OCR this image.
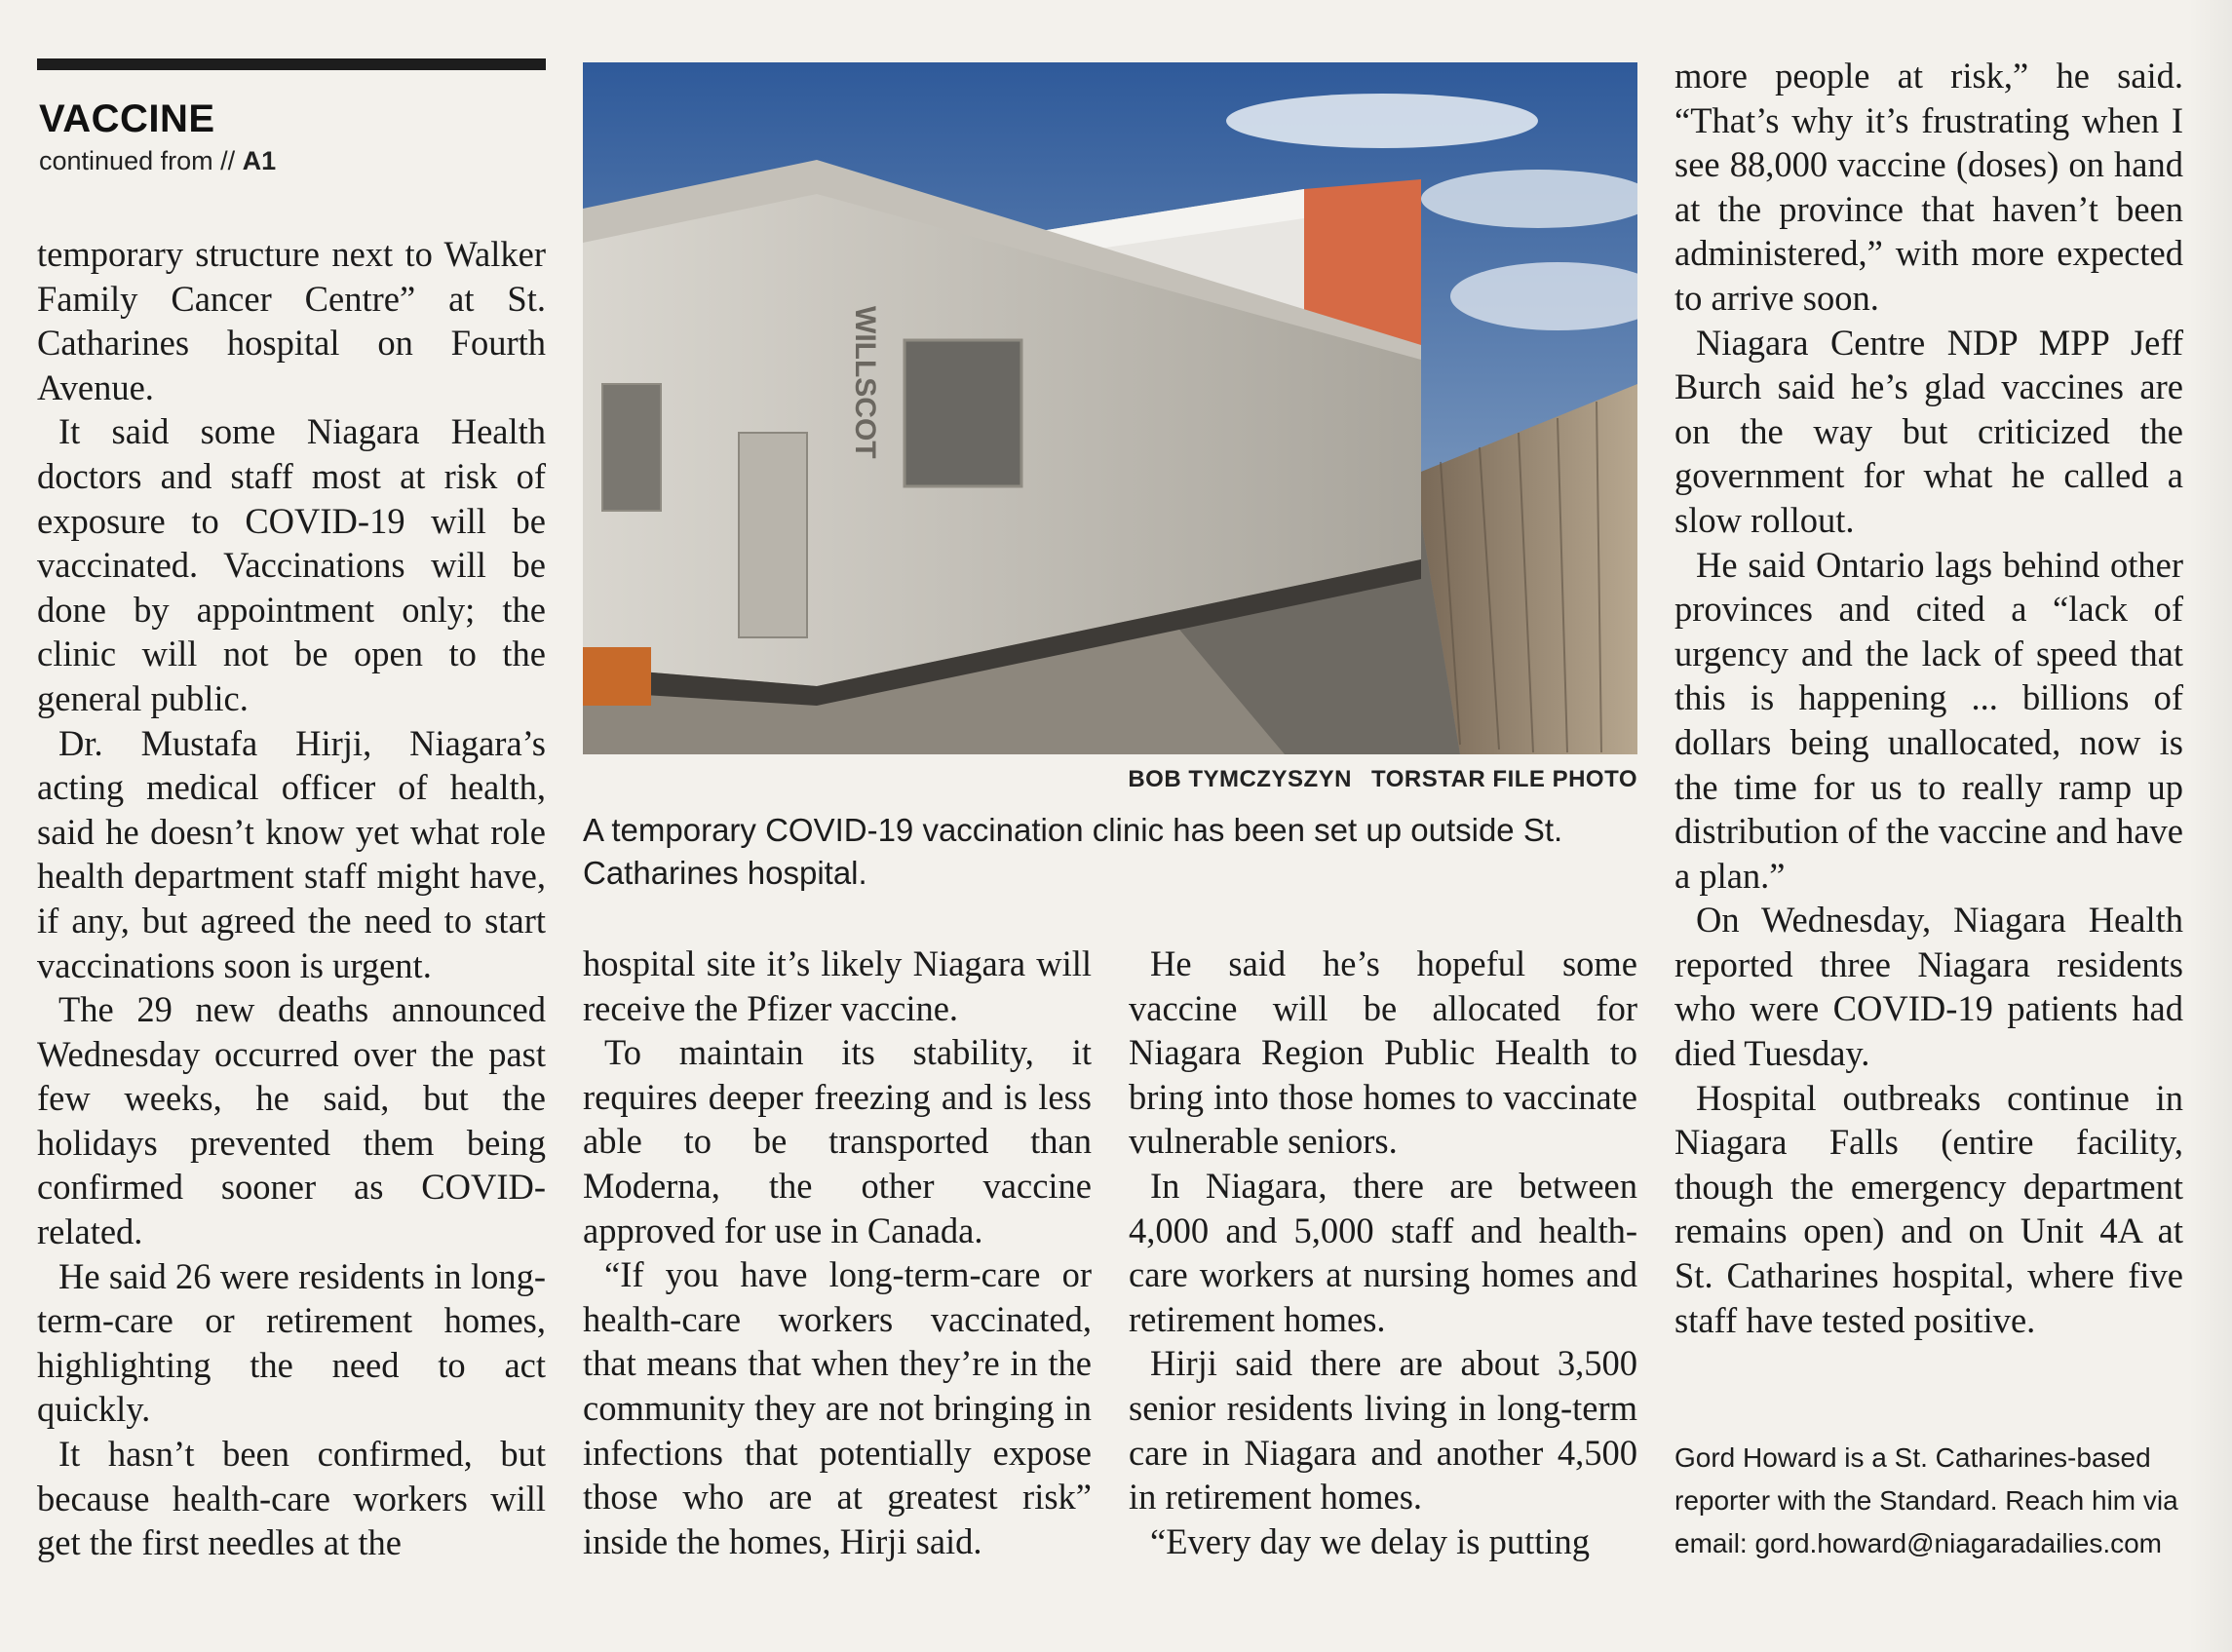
VACCINE
continued from // A1

temporary structure next to Walker Family Cancer Centre” at St. Catharines hospital on Fourth Avenue.

It said some Niagara Health doctors and staff most at risk of exposure to COVID-19 will be vaccinated. Vaccinations will be done by appointment only; the clinic will not be open to the general public.

Dr. Mustafa Hirji, Niagara’s acting medical officer of health, said he doesn’t know yet what role health department staff might have, if any, but agreed the need to start vaccinations soon is urgent.

The 29 new deaths announced Wednesday occurred over the past few weeks, he said, but the holidays prevented them being confirmed sooner as COVID-related.

He said 26 were residents in long-term-care or retirement homes, highlighting the need to act quickly.

It hasn’t been confirmed, but because health-care workers will get the first needles at the

WILLSCOT
BOB TYMCZYSZYN TORSTAR FILE PHOTO
A temporary COVID-19 vaccination clinic has been set up outside St. Catharines hospital.

hospital site it’s likely Niagara will receive the Pfizer vaccine.

To maintain its stability, it requires deeper freezing and is less able to be transported than Moderna, the other vaccine approved for use in Canada.

“If you have long-term-care or health-care workers vaccinated, that means that when they’re in the community they are not bringing in infections that potentially expose those who are at greatest risk” inside the homes, Hirji said.

He said he’s hopeful some vaccine will be allocated for Niagara Region Public Health to bring into those homes to vaccinate vulnerable seniors.

In Niagara, there are between 4,000 and 5,000 staff and health-care workers at nursing homes and retirement homes.

Hirji said there are about 3,500 senior residents living in long-term care in Niagara and another 4,500 in retirement homes.

“Every day we delay is putting

more people at risk,” he said. “That’s why it’s frustrating when I see 88,000 vaccine (doses) on hand at the province that haven’t been administered,” with more expected to arrive soon.

Niagara Centre NDP MPP Jeff Burch said he’s glad vaccines are on the way but criticized the government for what he called a slow rollout.

He said Ontario lags behind other provinces and cited a “lack of urgency and the lack of speed that this is happening ... billions of dollars being unallocated, now is the time for us to really ramp up distribution of the vaccine and have a plan.”

On Wednesday, Niagara Health reported three Niagara residents who were COVID-19 patients had died Tuesday.

Hospital outbreaks continue in Niagara Falls (entire facility, though the emergency department remains open) and on Unit 4A at St. Catharines hospital, where five staff have tested positive.

Gord Howard is a St. Catharines-based reporter with the Standard. Reach him via email: gord.howard@niagaradailies.com
